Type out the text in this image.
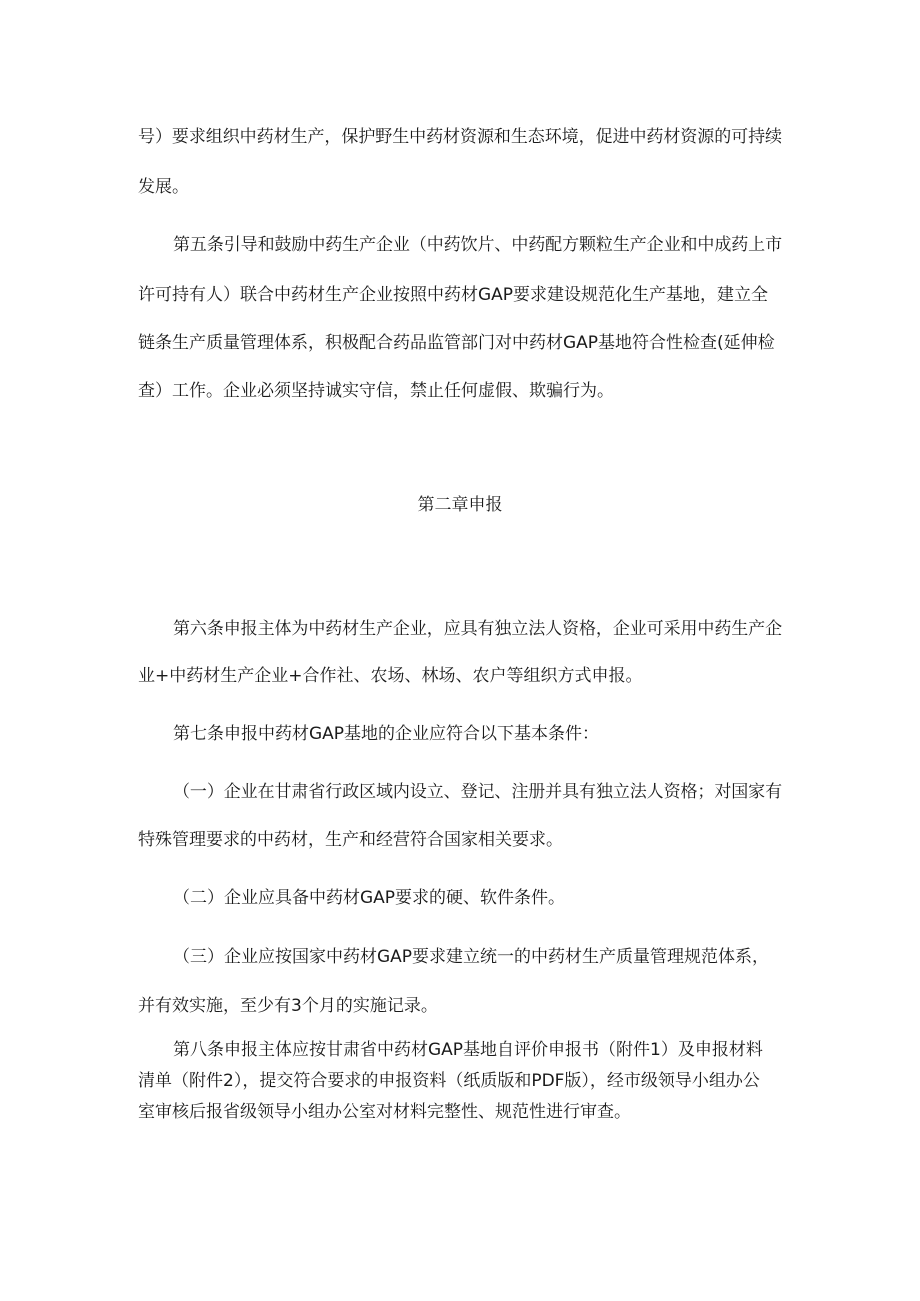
号）要求组织中药材生产，保护野生中药材资源和生态环境，促进中药材资源的可持续
发展。
第五条引导和鼓励中药生产企业（中药饮片、中药配方颗粒生产企业和中成药上市
许可持有人）联合中药材生产企业按照中药材GAP要求建设规范化生产基地，建立全
链条生产质量管理体系，积极配合药品监管部门对中药材GAP基地符合性检查(延伸检
查）工作。企业必须坚持诚实守信，禁止任何虚假、欺骗行为。
第二章申报
第六条申报主体为中药材生产企业，应具有独立法人资格，企业可采用中药生产企
业+中药材生产企业+合作社、农场、林场、农户等组织方式申报。
第七条申报中药材GAP基地的企业应符合以下基本条件：
（一）企业在甘肃省行政区域内设立、登记、注册并具有独立法人资格；对国家有
特殊管理要求的中药材，生产和经营符合国家相关要求。
（二）企业应具备中药材GAP要求的硬、软件条件。
（三）企业应按国家中药材GAP要求建立统一的中药材生产质量管理规范体系，
并有效实施，至少有3个月的实施记录。
第八条申报主体应按甘肃省中药材GAP基地自评价申报书（附件1）及申报材料
清单（附件2），提交符合要求的申报资料（纸质版和PDF版），经市级领导小组办公
室审核后报省级领导小组办公室对材料完整性、规范性进行审查。
